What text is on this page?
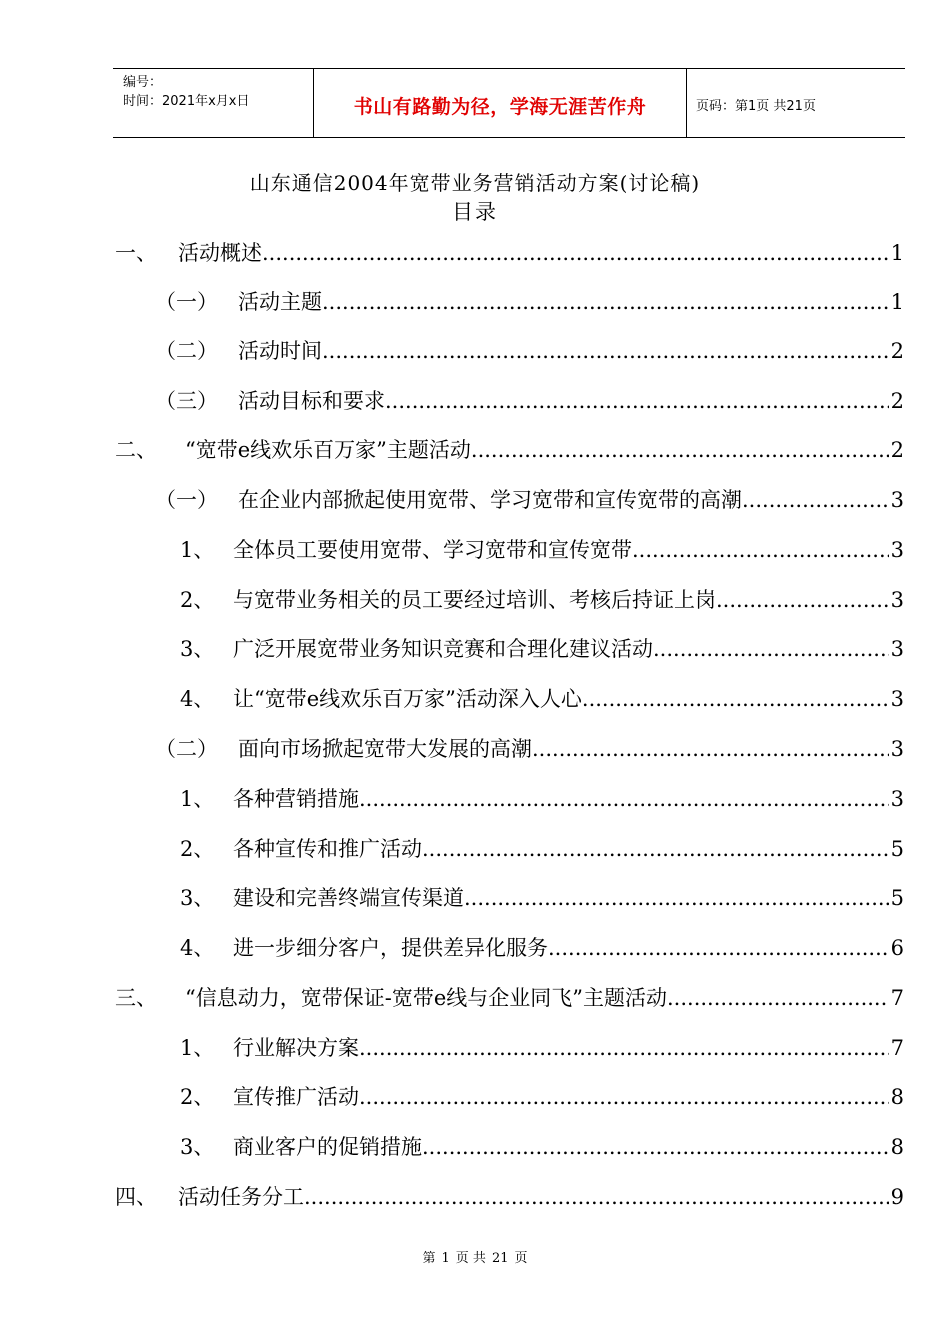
编号：
时间：2021年x月x日	书山有路勤为径，学海无涯苦作舟	页码：第1页 共21页
山东通信2004年宽带业务营销活动方案(讨论稿)
目录
一、	活动概述 .....	1
（一） 活动主题 .....	1
（二） 活动时间 .....	2
（三） 活动目标和要求 .....	2
二、	“宽带e线欢乐百万家”主题活动 .....	2
（一） 在企业内部掀起使用宽带、学习宽带和宣传宽带的高潮 .....	3
1、 全体员工要使用宽带、学习宽带和宣传宽带 .....	3
2、 与宽带业务相关的员工要经过培训、考核后持证上岗 .....	3
3、 广泛开展宽带业务知识竞赛和合理化建议活动 .....	3
4、 让“宽带e线欢乐百万家”活动深入人心 .....	3
（二） 面向市场掀起宽带大发展的高潮 .....	3
1、 各种营销措施 .....	3
2、 各种宣传和推广活动 .....	5
3、 建设和完善终端宣传渠道 .....	5
4、 进一步细分客户，提供差异化服务 .....	6
三、	“信息动力，宽带保证-宽带e线与企业同飞”主题活动 .....	7
1、 行业解决方案 .....	7
2、 宣传推广活动 .....	8
3、 商业客户的促销措施 .....	8
四、	活动任务分工 .....	9
第 1 页 共 21 页
